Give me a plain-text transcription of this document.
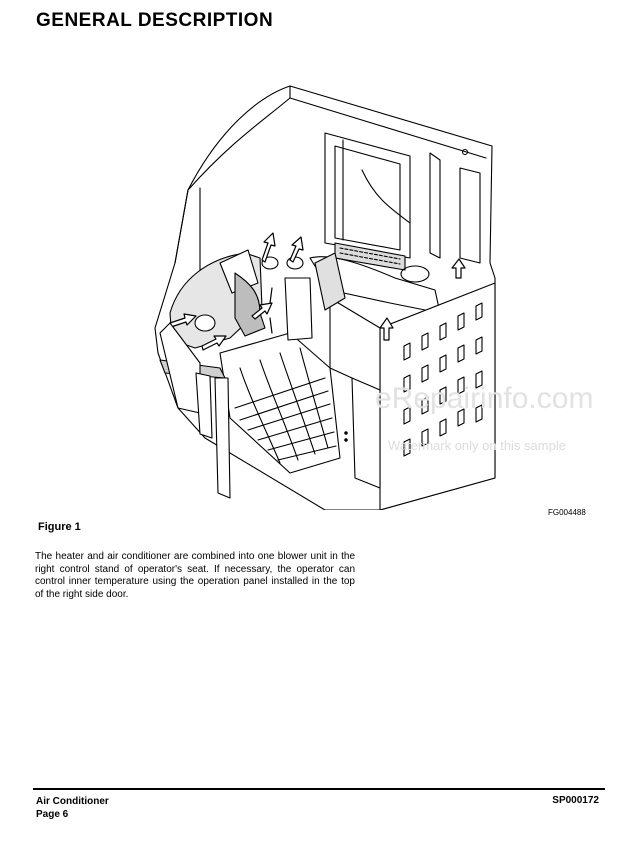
GENERAL DESCRIPTION
eRepairinfo.com
Watermark only on this sample
FG004488
Figure 1

The heater and air conditioner are combined into one blower unit in the right control stand of operator's seat. If necessary, the operator can control inner temperature using the operation panel installed in the top of the right side door.

Air Conditioner
Page 6
SP000172
